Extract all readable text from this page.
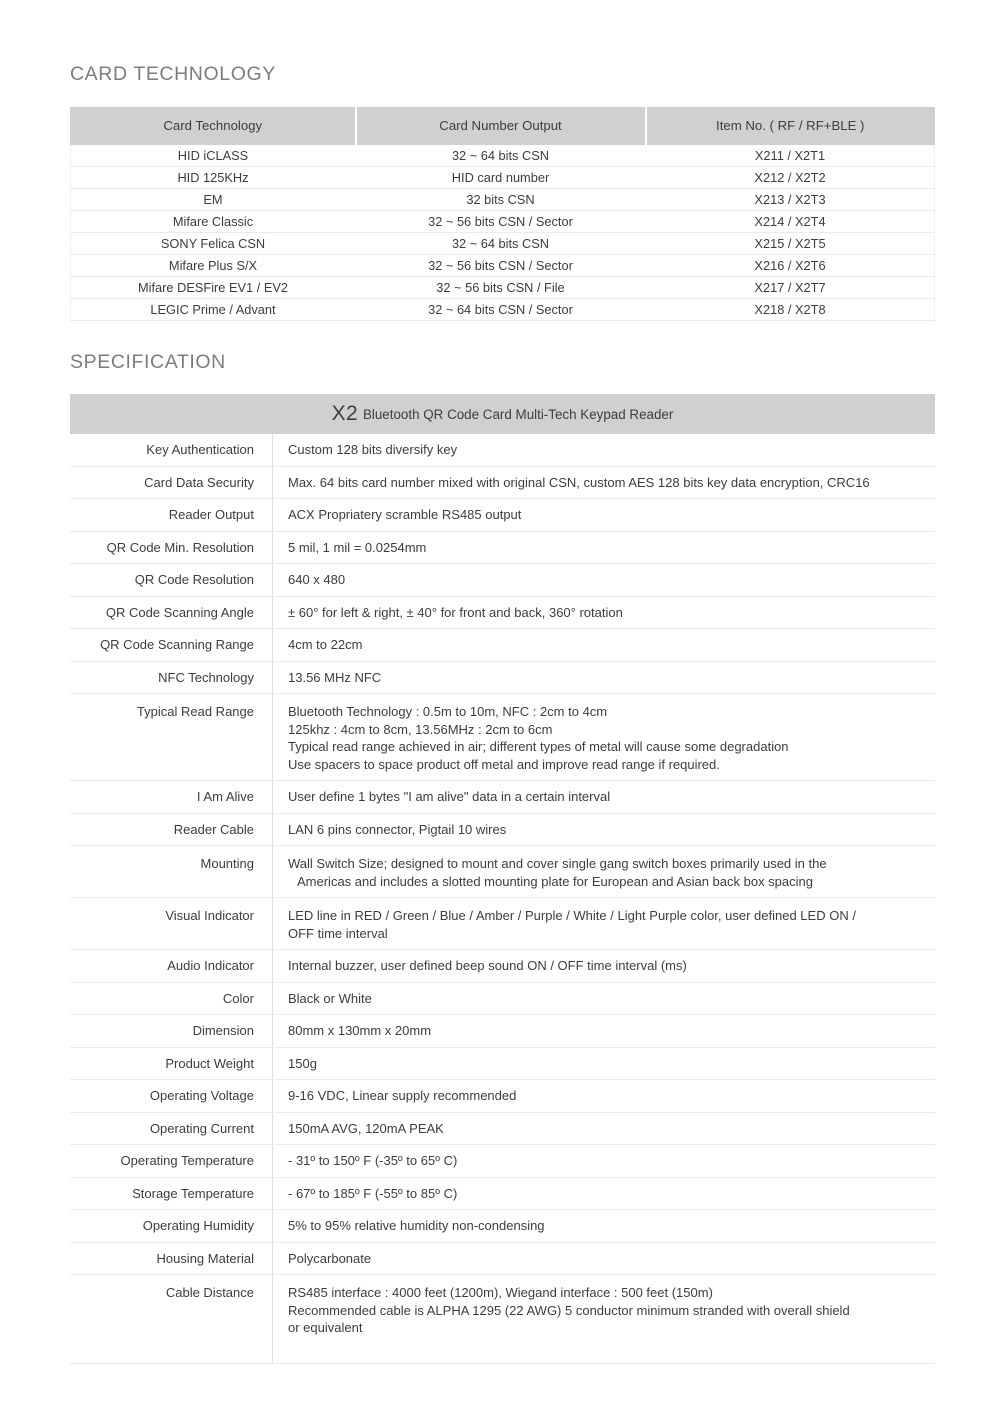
CARD TECHNOLOGY
Card Technology	Card Number Output	Item No. ( RF / RF+BLE )
HID iCLASS	32 ~ 64 bits CSN	X211 / X2T1
HID 125KHz	HID card number	X212 / X2T2
EM	32 bits CSN	X213 / X2T3
Mifare Classic	32 ~ 56 bits CSN / Sector	X214 / X2T4
SONY Felica CSN	32 ~ 64 bits CSN	X215 / X2T5
Mifare Plus S/X	32 ~ 56 bits CSN / Sector	X216 / X2T6
Mifare DESFire EV1 / EV2	32 ~ 56 bits CSN / File	X217 / X2T7
LEGIC Prime / Advant	32 ~ 64 bits CSN / Sector	X218 / X2T8
SPECIFICATION
X2 Bluetooth QR Code Card Multi-Tech Keypad Reader	
Key Authentication	Custom 128 bits diversify key

Card Data Security	Max. 64 bits card number mixed with original CSN, custom AES 128 bits key data encryption, CRC16

Reader Output	ACX Propriatery scramble RS485 output

QR Code Min. Resolution	5 mil, 1 mil = 0.0254mm

QR Code Resolution	640 x 480

QR Code Scanning Angle	± 60° for left & right, ± 40° for front and back, 360° rotation

QR Code Scanning Range	4cm to 22cm

NFC Technology	13.56 MHz NFC

Typical Read Range	Bluetooth Technology : 0.5m to 10m, NFC : 2cm to 4cm
125khz : 4cm to 8cm, 13.56MHz : 2cm to 6cm
Typical read range achieved in air; different types of metal will cause some degradation
Use spacers to space product off metal and improve read range if required.

I Am Alive	User define 1 bytes "I am alive" data in a certain interval

Reader Cable	LAN 6 pins connector, Pigtail 10 wires

Mounting	Wall Switch Size; designed to mount and cover single gang switch boxes primarily used in the
Americas and includes a slotted mounting plate for European and Asian back box spacing

Visual Indicator	LED line in RED / Green / Blue / Amber / Purple / White / Light Purple color, user defined LED ON /
OFF time interval

Audio Indicator	Internal buzzer, user defined beep sound ON / OFF time interval (ms)

Color	Black or White

Dimension	80mm x 130mm x 20mm

Product Weight	150g

Operating Voltage	9-16 VDC, Linear supply recommended

Operating Current	150mA AVG, 120mA PEAK

Operating Temperature	- 31º to 150º F (-35º to 65º C)

Storage Temperature	- 67º to 185º F (-55º to 85º C)

Operating Humidity	5% to 95% relative humidity non-condensing

Housing Material	Polycarbonate

Cable Distance	RS485 interface : 4000 feet (1200m), Wiegand interface : 500 feet (150m)
Recommended cable is ALPHA 1295 (22 AWG) 5 conductor minimum stranded with overall shield
or equivalent
